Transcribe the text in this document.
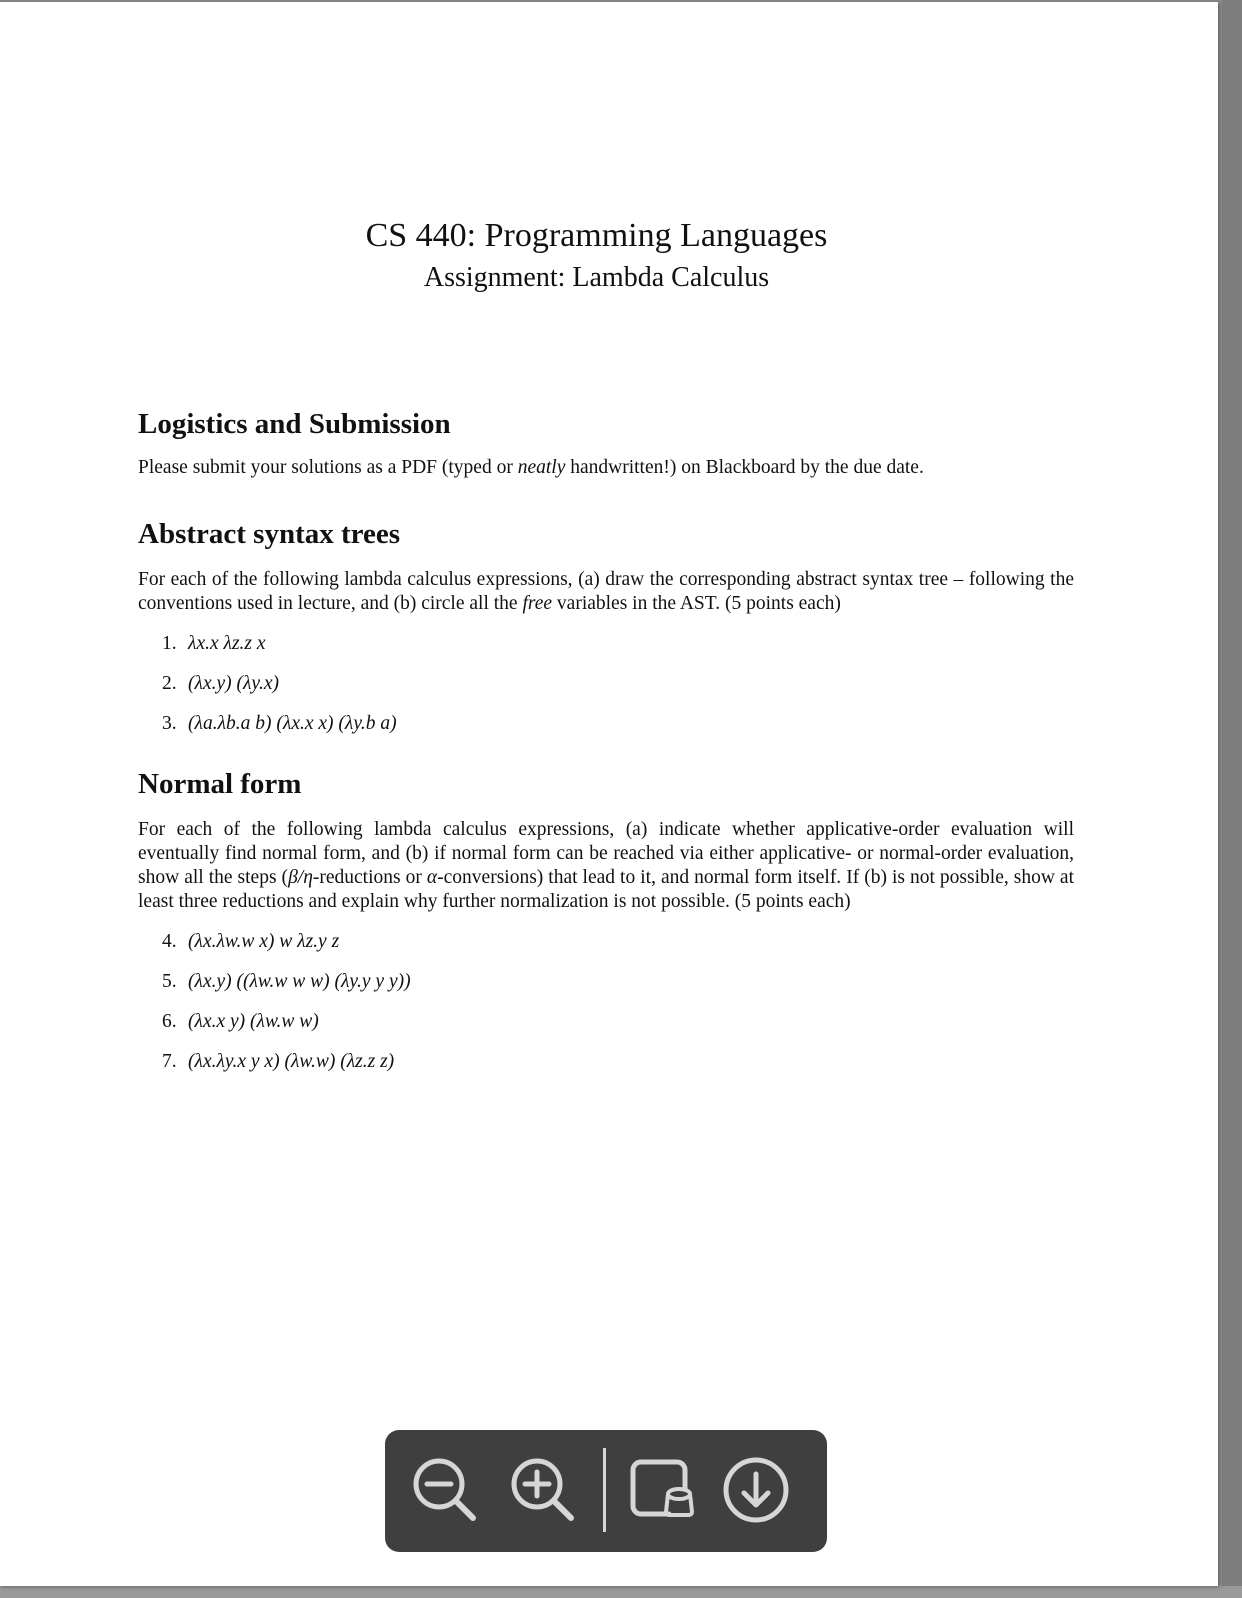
CS 440: Programming Languages
Assignment: Lambda Calculus
Logistics and Submission

Please submit your solutions as a PDF (typed or neatly handwritten!) on Blackboard by the due date.

Abstract syntax trees

For each of the following lambda calculus expressions, (a) draw the corresponding abstract syntax tree – following the conventions used in lecture, and (b) circle all the free variables in the AST. (5 points each)

1. λx.x λz.z x
2. (λx.y) (λy.x)
3. (λa.λb.a b) (λx.x x) (λy.b a)
Normal form

For each of the following lambda calculus expressions, (a) indicate whether applicative-order evaluation will eventually find normal form, and (b) if normal form can be reached via either applicative- or normal-order evaluation, show all the steps (β/η-reductions or α-conversions) that lead to it, and normal form itself. If (b) is not possible, show at least three reductions and explain why further normalization is not possible. (5 points each)

4. (λx.λw.w x) w λz.y z
5. (λx.y) ((λw.w w w) (λy.y y y))
6. (λx.x y) (λw.w w)
7. (λx.λy.x y x) (λw.w) (λz.z z)
